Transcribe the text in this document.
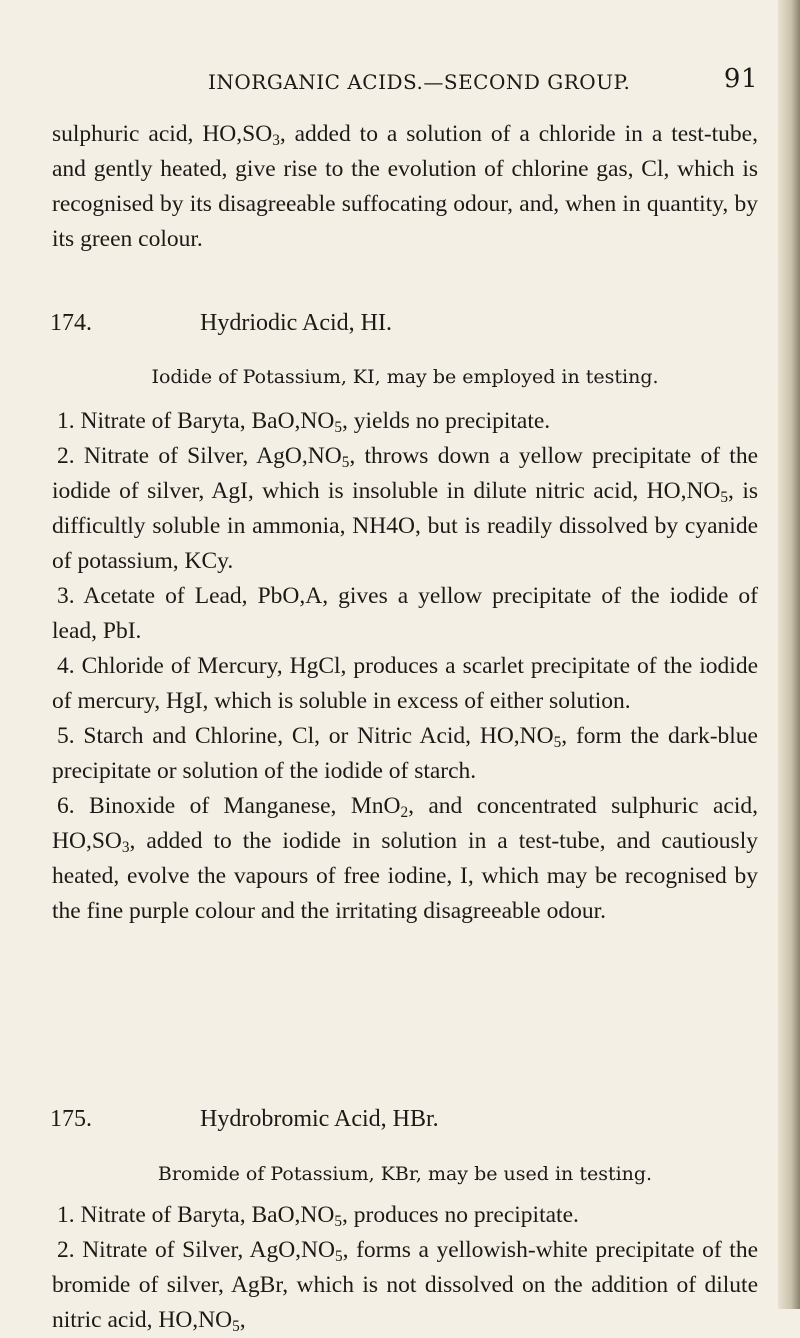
INORGANIC ACIDS.—SECOND GROUP.	91

sulphuric acid, $HO,SO_3$, added to a solution of a chloride in a test-tube, and gently heated, give rise to the evolution of chlorine gas, Cl, which is recognised by its disagreeable suffocating odour, and, when in quantity, by its green colour.

174.	Hydriodic Acid, HI.
Iodide of Potassium, KI, may be employed in testing.

1. Nitrate of Baryta, $BaO,NO_5$, yields no precipitate.

2. Nitrate of Silver, $AgO,NO_5$, throws down a yellow precipitate of the iodide of silver, AgI, which is insoluble in dilute nitric acid, $HO,NO_5$, is difficultly soluble in ammonia, NH4O, but is readily dissolved by cyanide of potassium, KCy.

3. Acetate of Lead, PbO,A, gives a yellow precipitate of the iodide of lead, PbI.

4. Chloride of Mercury, HgCl, produces a scarlet precipitate of the iodide of mercury, HgI, which is soluble in excess of either solution.

5. Starch and Chlorine, Cl, or Nitric Acid, $HO,NO_5$, form the dark-blue precipitate or solution of the iodide of starch.

6. Binoxide of Manganese, MnO$_2$, and concentrated sulphuric acid, $HO,SO_3$, added to the iodide in solution in a test-tube, and cautiously heated, evolve the vapours of free iodine, I, which may be recognised by the fine purple colour and the irritating disagreeable odour.

175.	Hydrobromic Acid, HBr.
Bromide of Potassium, KBr, may be used in testing.

1. Nitrate of Baryta, $BaO,NO_5$, produces no precipitate.

2. Nitrate of Silver, $AgO,NO_5$, forms a yellowish-white precipitate of the bromide of silver, AgBr, which is not dissolved on the addition of dilute nitric acid, $HO,NO_5$,
